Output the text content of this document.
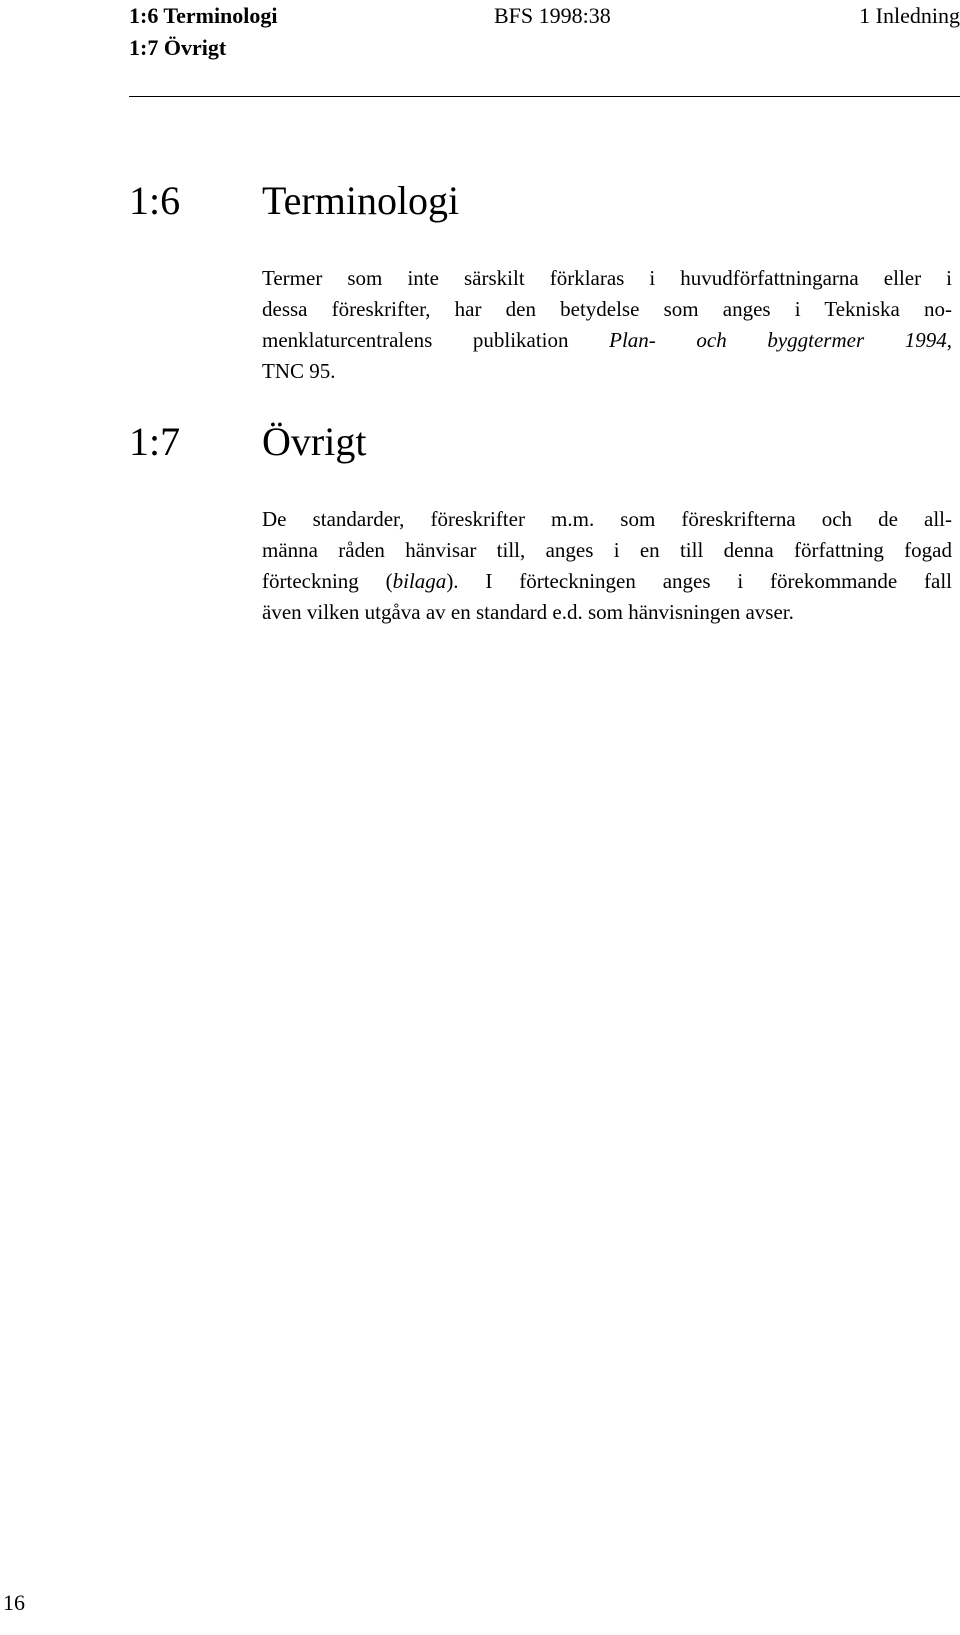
1:6 Terminologi
1:7 Övrigt
BFS 1998:38	1 Inledning
1:6 Terminologi
Termer som inte särskilt förklaras i huvudförfattningarna eller i
dessa föreskrifter, har den betydelse som anges i Tekniska no-
menklaturcentralens publikation Plan- och byggtermer 1994,
TNC 95.
1:7 Övrigt
De standarder, föreskrifter m.m. som föreskrifterna och de all-
männa råden hänvisar till, anges i en till denna författning fogad
förteckning (bilaga). I förteckningen anges i förekommande fall
även vilken utgåva av en standard e.d. som hänvisningen avser.
16
